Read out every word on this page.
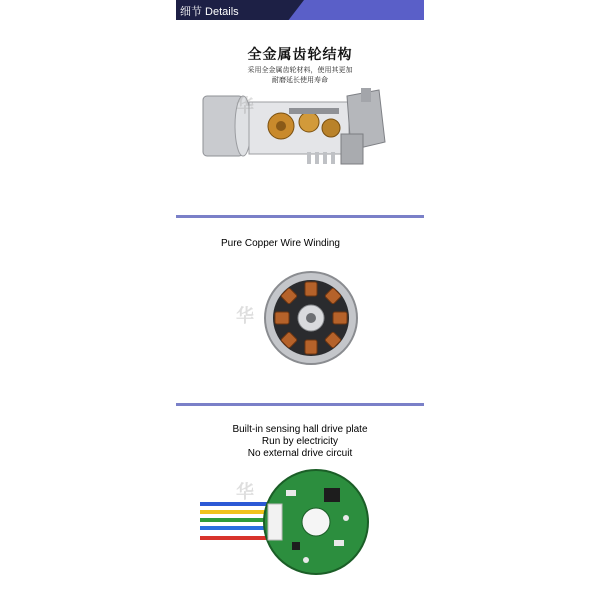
细节 Details
全金属齿轮结构
采用全金属齿轮材料，使用其更加
耐磨延长使用寿命
华
Pure Copper Wire Winding
华
Built-in sensing hall drive plate
Run by electricity
No external drive circuit
华
